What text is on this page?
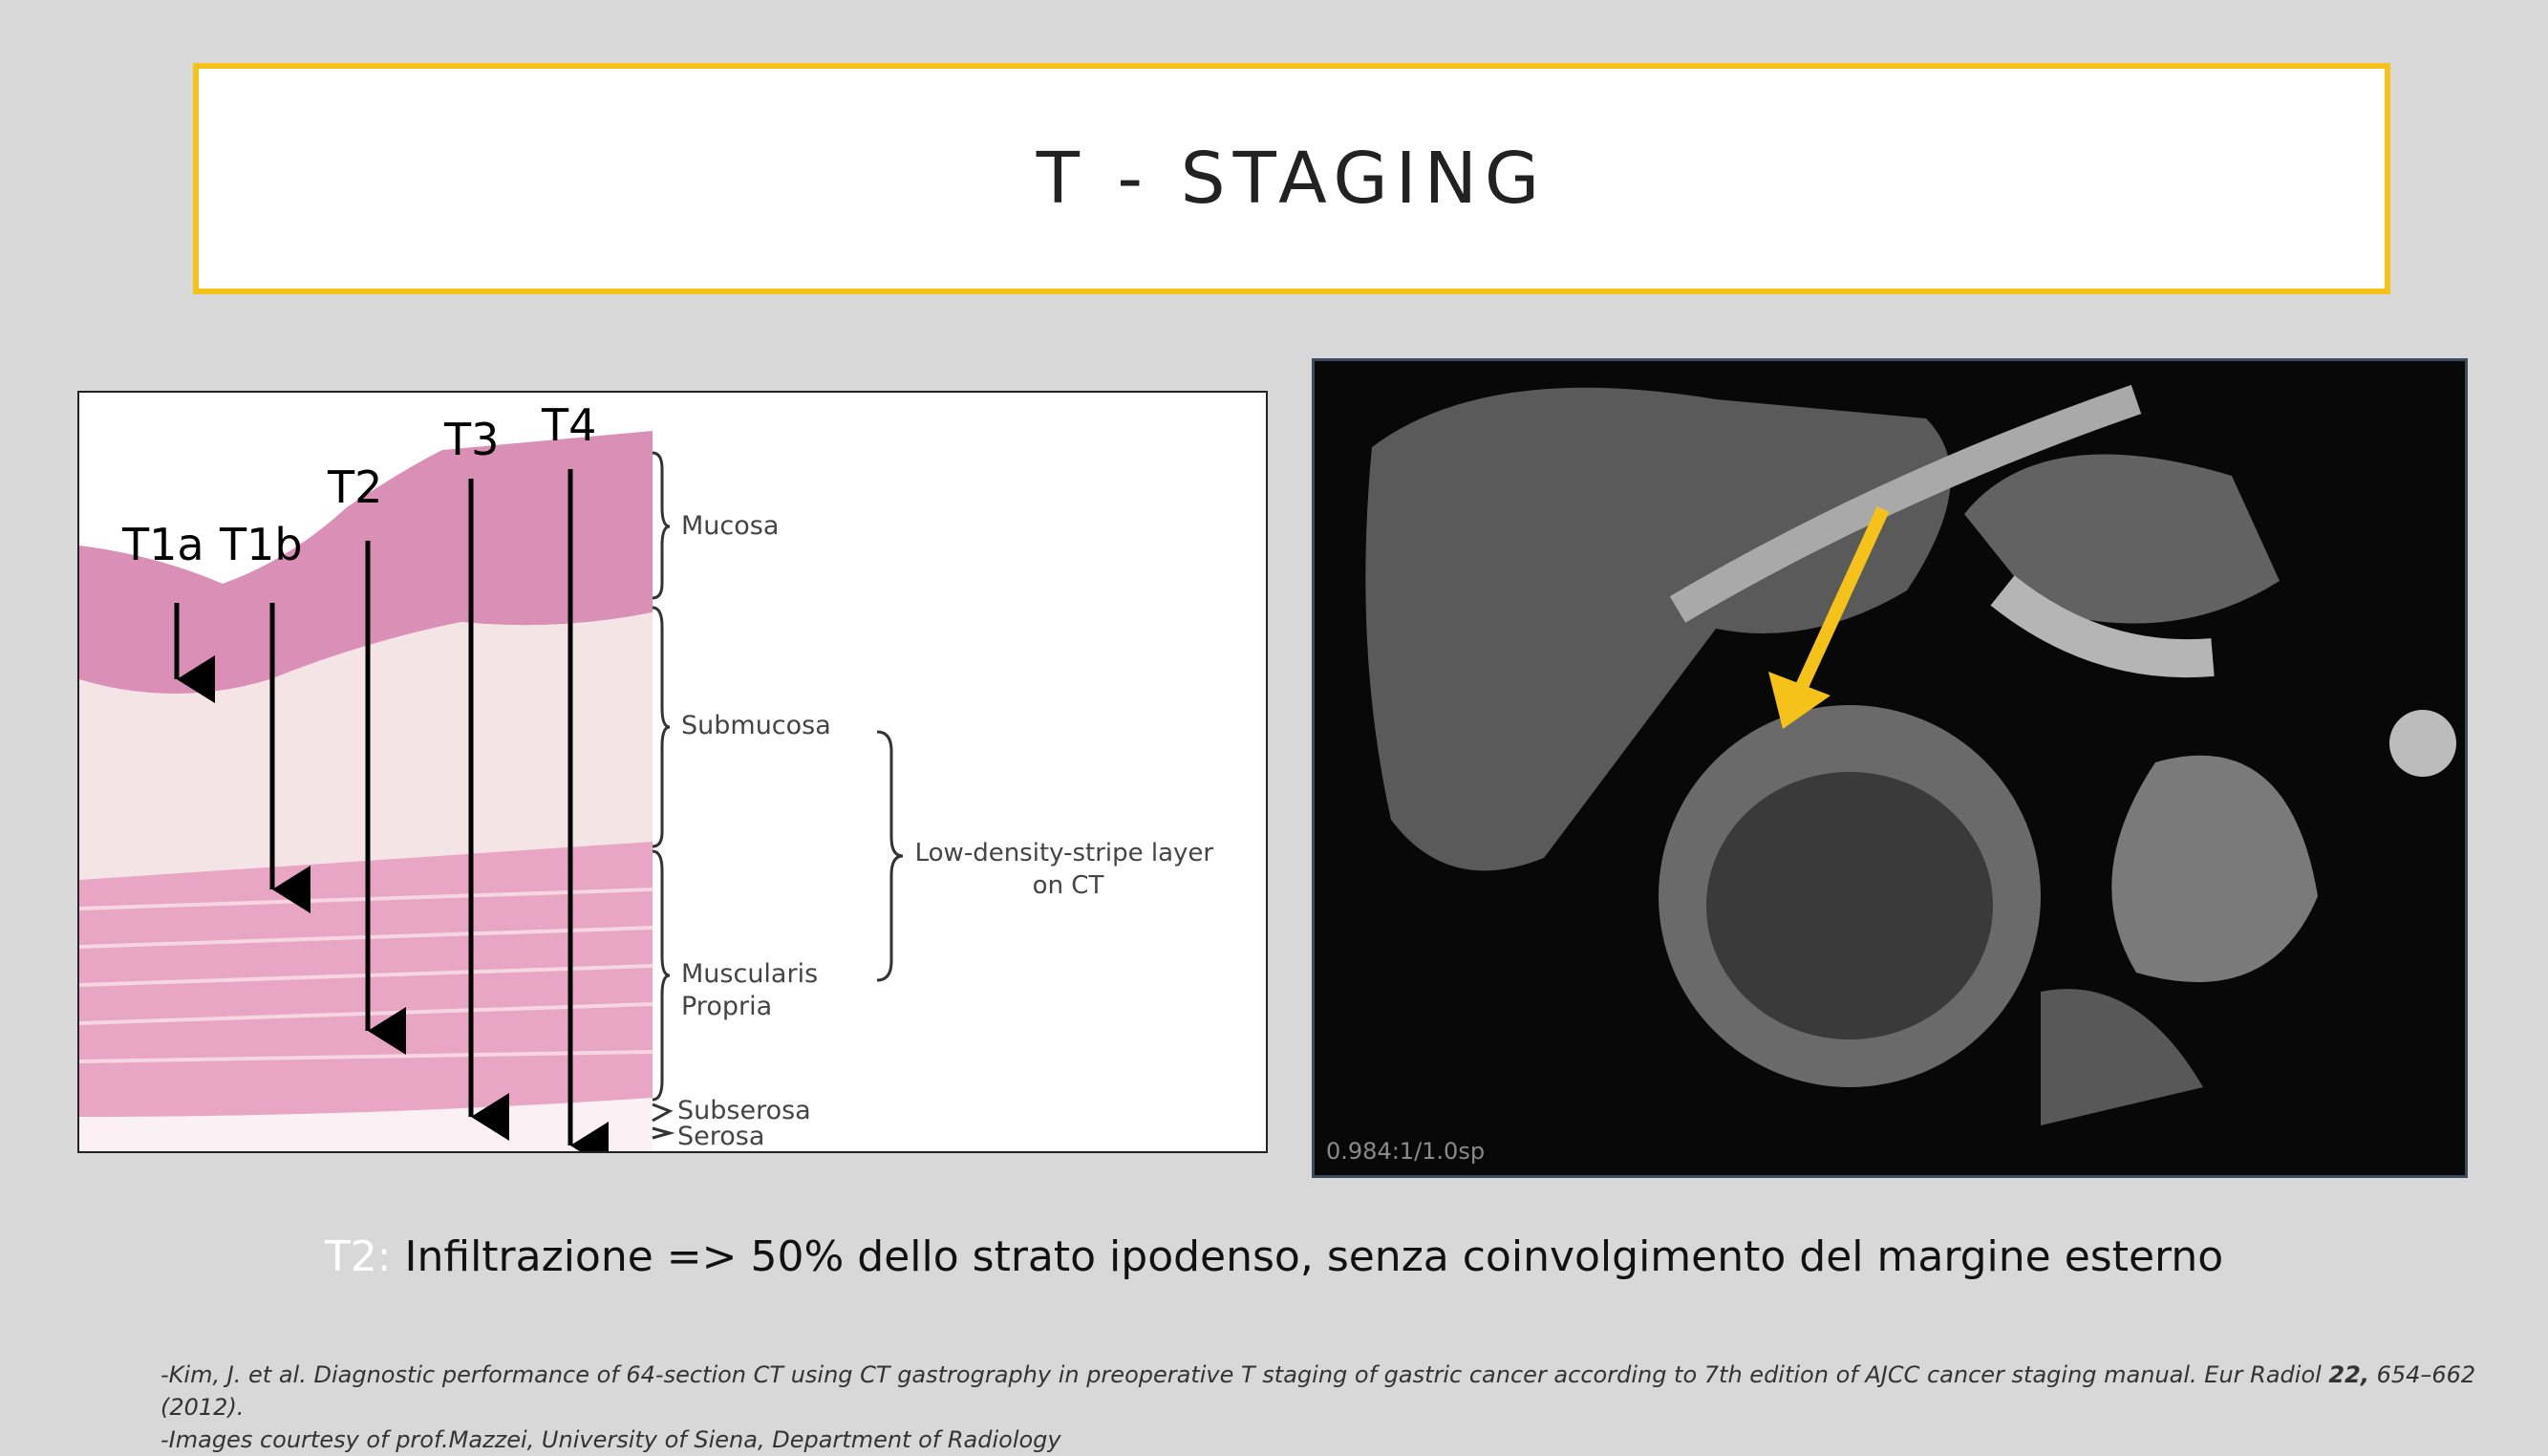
T - STAGING
T1a T1b
T2
T3 T4
Mucosa
Submucosa
Muscularis Propria
Subserosa
Serosa
Low-density-stripe layer on CT
0.984:1/1.0sp
T2: Infiltrazione => 50% dello strato ipodenso, senza coinvolgimento del margine esterno
-Kim, J. et al. Diagnostic performance of 64-section CT using CT gastrography in preoperative T staging of gastric cancer according to 7th edition of AJCC cancer staging manual. Eur Radiol 22, 654–662 (2012).
-Images courtesy of prof.Mazzei, University of Siena, Department of Radiology
